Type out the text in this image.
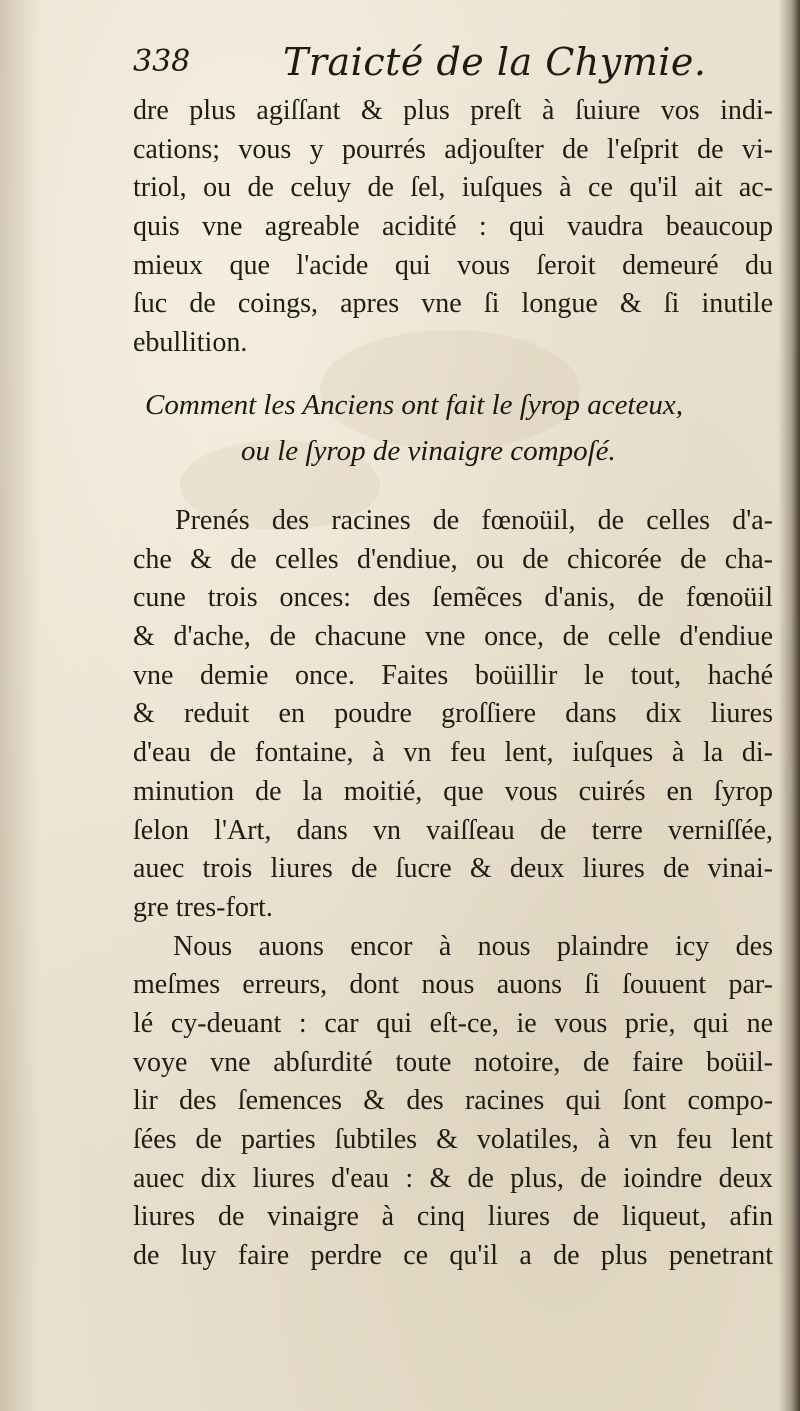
338 Traicté de la Chymie.
dre plus agiſſant & plus preſt à ſuiure vos indi-
cations; vous y pourrés adjouſter de l'eſprit de vi-
triol, ou de celuy de ſel, iuſques à ce qu'il ait ac-
quis vne agreable acidité : qui vaudra beaucoup
mieux que l'acide qui vous ſeroit demeuré du
ſuc de coings, apres vne ſi longue & ſi inutile
ebullition.
Comment les Anciens ont fait le ſyrop aceteux,
ou le ſyrop de vinaigre compoſé.
Prenés des racines de fœnoüil, de celles d'a-
che & de celles d'endiue, ou de chicorée de cha-
cune trois onces: des ſemẽces d'anis, de fœnoüil
& d'ache, de chacune vne once, de celle d'endiue
vne demie once. Faites boüillir le tout, haché
& reduit en poudre groſſiere dans dix liures
d'eau de fontaine, à vn feu lent, iuſques à la di-
minution de la moitié, que vous cuirés en ſyrop
ſelon l'Art, dans vn vaiſſeau de terre verniſſée,
auec trois liures de ſucre & deux liures de vinai-
gre tres-fort.
Nous auons encor à nous plaindre icy des
meſmes erreurs, dont nous auons ſi ſouuent par-
lé cy-deuant : car qui eſt-ce, ie vous prie, qui ne
voye vne abſurdité toute notoire, de faire boüil-
lir des ſemences & des racines qui ſont compo-
ſées de parties ſubtiles & volatiles, à vn feu lent
auec dix liures d'eau : & de plus, de ioindre deux
liures de vinaigre à cinq liures de liqueut, afin
de luy faire perdre ce qu'il a de plus penetrant
